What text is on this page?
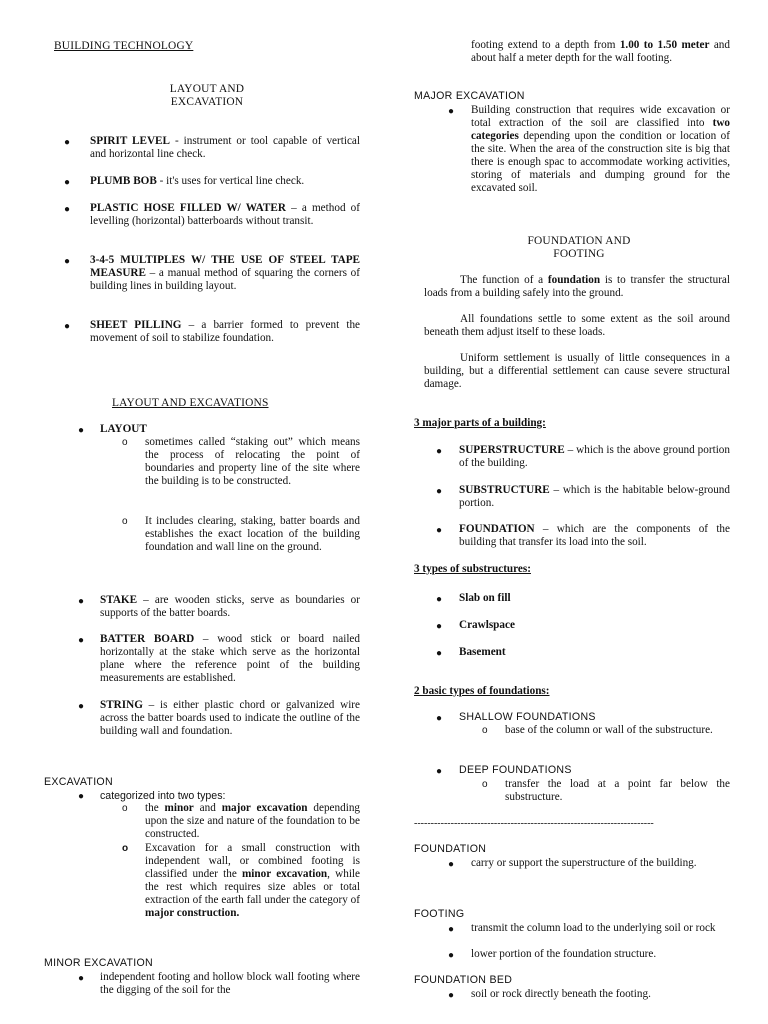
BUILDING TECHNOLOGY
LAYOUT AND
EXCAVATION
● SPIRIT LEVEL - instrument or tool capable of vertical and horizontal line check.
● PLUMB BOB - it's uses for vertical line check.
● PLASTIC HOSE FILLED W/ WATER – a method of levelling (horizontal) batterboards without transit.
● 3-4-5 MULTIPLES W/ THE USE OF STEEL TAPE MEASURE – a manual method of squaring the corners of building lines in building layout.
● SHEET PILLING – a barrier formed to prevent the movement of soil to stabilize foundation.
LAYOUT AND EXCAVATIONS
● LAYOUT
o sometimes called “staking out” which means the process of relocating the point of boundaries and property line of the site where the building is to be constructed.
o It includes clearing, staking, batter boards and establishes the exact location of the building foundation and wall line on the ground.
● STAKE – are wooden sticks, serve as boundaries or supports of the batter boards.
● BATTER BOARD – wood stick or board nailed horizontally at the stake which serve as the horizontal plane where the reference point of the building measurements are established.
● STRING – is either plastic chord or galvanized wire across the batter boards used to indicate the outline of the building wall and foundation.
EXCAVATION
● categorized into two types:
o the minor and major excavation depending upon the size and nature of the foundation to be constructed.
o Excavation for a small construction with independent wall, or combined footing is classified under the minor excavation, while the rest which requires size ables or total extraction of the earth fall under the category of major construction.
MINOR EXCAVATION
● independent footing and hollow block wall footing where the digging of the soil for the
footing extend to a depth from 1.00 to 1.50 meter and about half a meter depth for the wall footing.
MAJOR EXCAVATION
● Building construction that requires wide excavation or total extraction of the soil are classified into two categories depending upon the condition or location of the site. When the area of the construction site is big that there is enough spac to accommodate working activities, storing of materials and dumping ground for the excavated soil.
FOUNDATION AND
FOOTING
The function of a foundation is to transfer the structural loads from a building safely into the ground.
All foundations settle to some extent as the soil around beneath them adjust itself to these loads.
Uniform settlement is usually of little consequences in a building, but a differential settlement can cause severe structural damage.
3 major parts of a building:
● SUPERSTRUCTURE – which is the above ground portion of the building.
● SUBSTRUCTURE – which is the habitable below-ground portion.
● FOUNDATION – which are the components of the building that transfer its load into the soil.
3 types of substructures:
● Slab on fill
● Crawlspace
● Basement
2 basic types of foundations:
● SHALLOW FOUNDATIONS
o base of the column or wall of the substructure.
● DEEP FOUNDATIONS
o transfer the load at a point far below the substructure.
------------------------------------------------------------------------
FOUNDATION
● carry or support the superstructure of the building.
FOOTING
● transmit the column load to the underlying soil or rock
● lower portion of the foundation structure.
FOUNDATION BED
● soil or rock directly beneath the footing.
